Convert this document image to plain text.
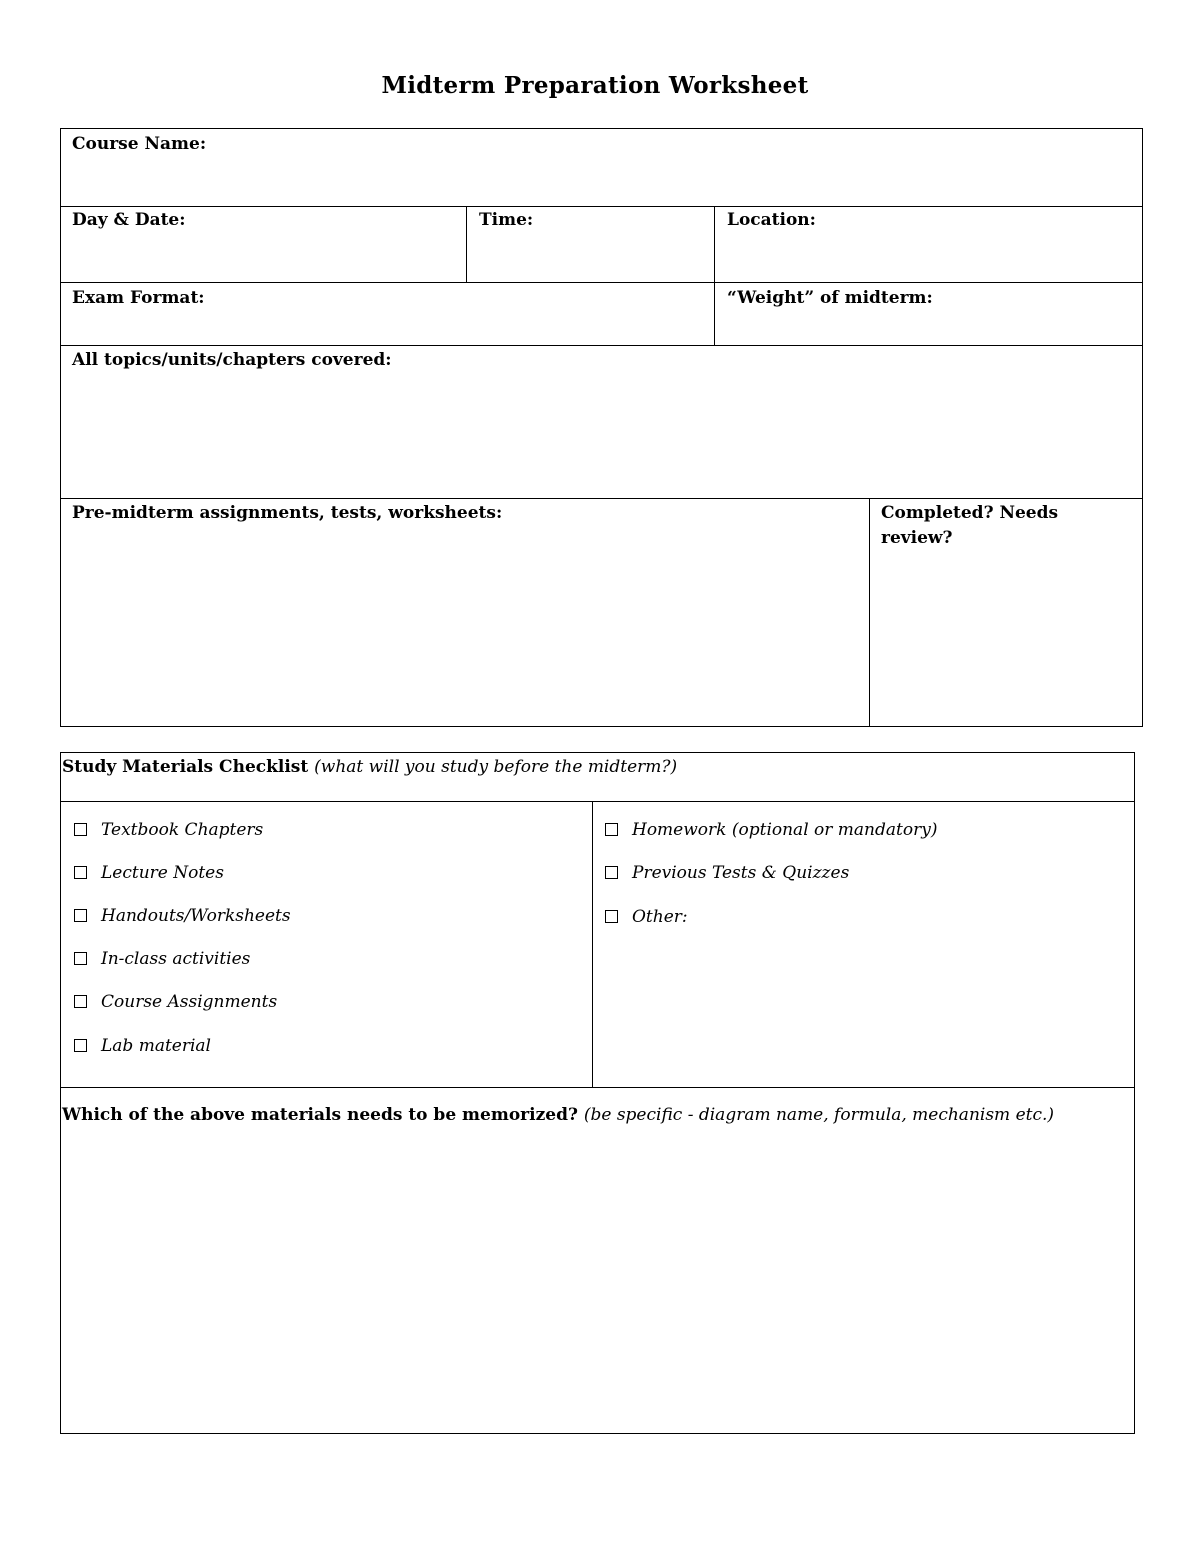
Midterm Preparation Worksheet
Course Name:
Day & Date:	Time:	Location:
Exam Format:	“Weight” of midterm:
All topics/units/chapters covered:
Pre-midterm assignments, tests, worksheets:	Completed? Needs review?
Study Materials Checklist (what will you study before the midterm?)
Textbook Chapters
Lecture Notes
Handouts/Worksheets
In-class activities
Course Assignments
Lab material
Homework (optional or mandatory)
Previous Tests & Quizzes
Other:
Which of the above materials needs to be memorized? (be specific - diagram name, formula, mechanism etc.)
